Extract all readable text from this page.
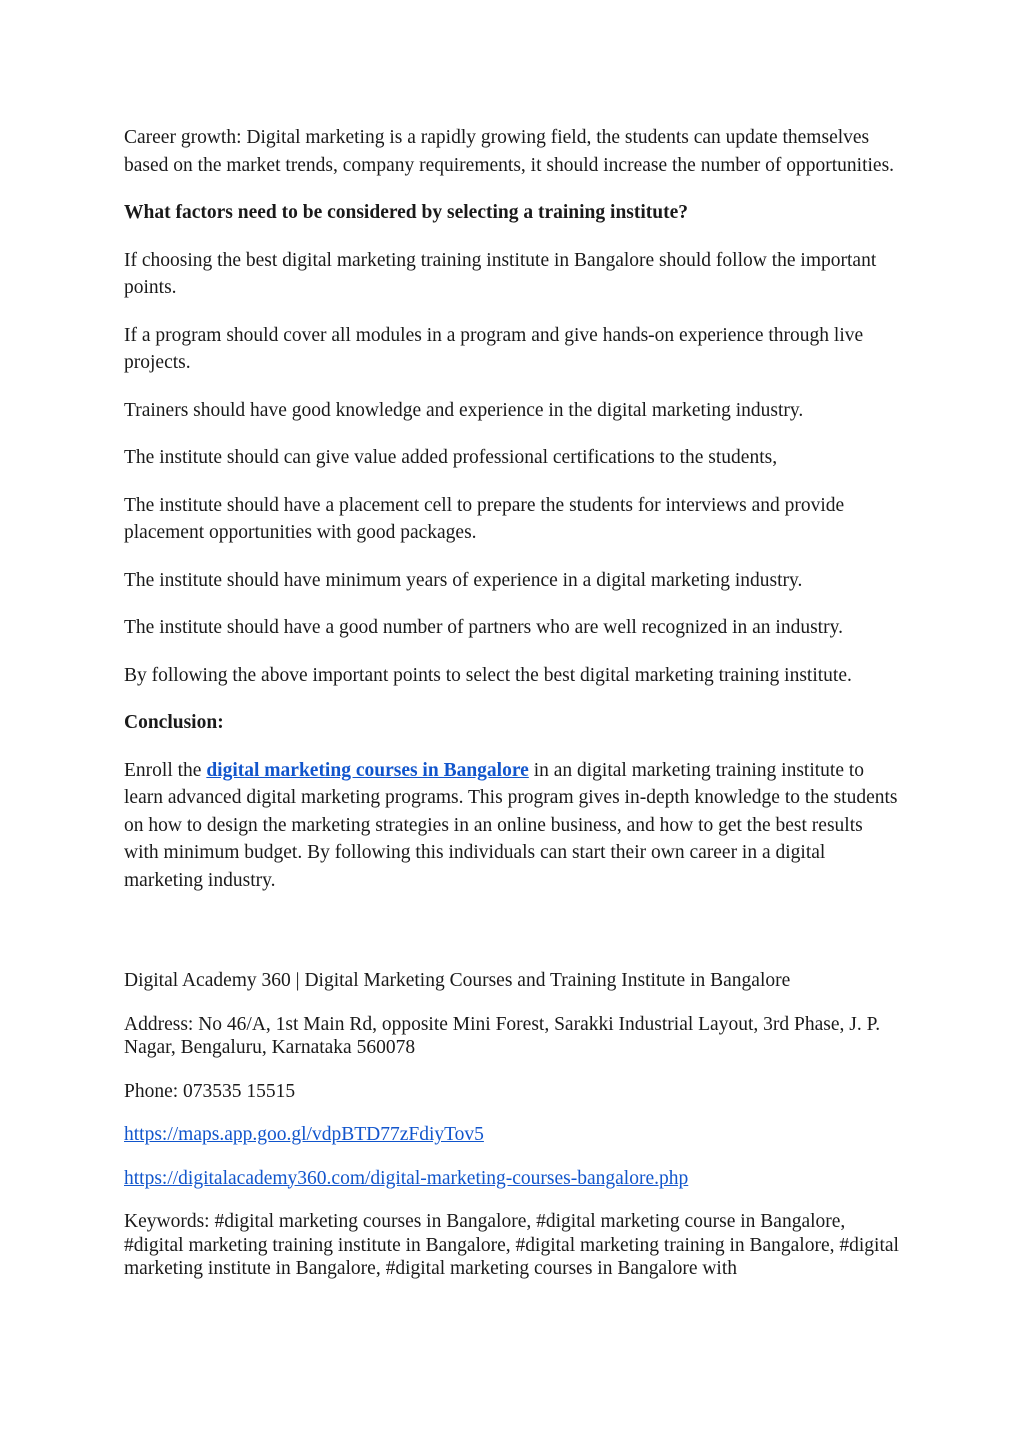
Career growth: Digital marketing is a rapidly growing field, the students can update themselves based on the market trends, company requirements, it should increase the number of opportunities.

What factors need to be considered by selecting a training institute?

If choosing the best digital marketing training institute in Bangalore should follow the important points.

If a program should cover all modules in a program and give hands-on experience through live projects.

Trainers should have good knowledge and experience in the digital marketing industry.

The institute should can give value added professional certifications to the students,

The institute should have a placement cell to prepare the students for interviews and provide placement opportunities with good packages.

The institute should have minimum years of experience in a digital marketing industry.

The institute should have a good number of partners who are well recognized in an industry.

By following the above important points to select the best digital marketing training institute.

Conclusion:

Enroll the digital marketing courses in Bangalore in an digital marketing training institute to learn advanced digital marketing programs. This program gives in-depth knowledge to the students on how to design the marketing strategies in an online business, and how to get the best results with minimum budget. By following this individuals can start their own career in a digital marketing industry.

Digital Academy 360 | Digital Marketing Courses and Training Institute in Bangalore

Address: No 46/A, 1st Main Rd, opposite Mini Forest, Sarakki Industrial Layout, 3rd Phase, J. P. Nagar, Bengaluru, Karnataka 560078

Phone: 073535 15515

https://maps.app.goo.gl/vdpBTD77zFdiyTov5

https://digitalacademy360.com/digital-marketing-courses-bangalore.php

Keywords: #digital marketing courses in Bangalore, #digital marketing course in Bangalore, #digital marketing training institute in Bangalore, #digital marketing training in Bangalore, #digital marketing institute in Bangalore, #digital marketing courses in Bangalore with
